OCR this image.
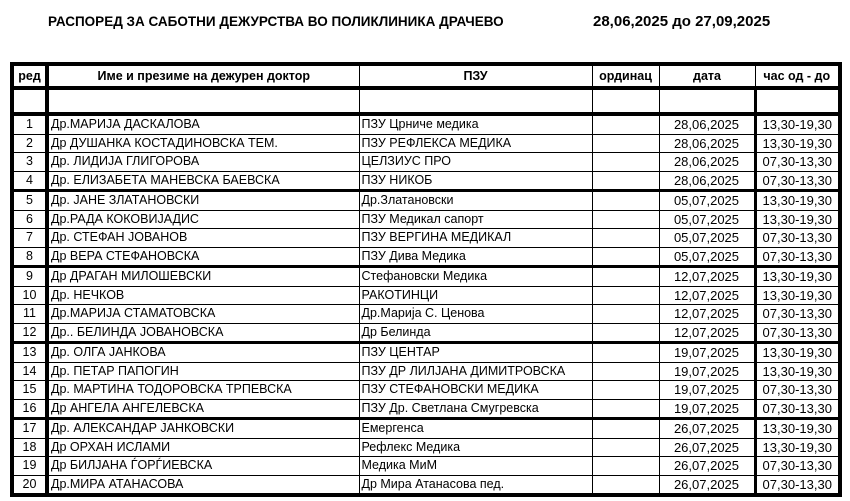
РАСПОРЕД ЗА САБОТНИ ДЕЖУРСТВА ВО ПОЛИКЛИНИКА ДРАЧЕВО	28,06,2025 до 27,09,2025
ред	Име и презиме на дежурен доктор	ПЗУ	ординац	дата	час од - до

1	Др.МАРИЈА ДАСКАЛОВА	ПЗУ Црниче медика		28,06,2025	13,30-19,30
2	Др ДУШАНКА КОСТАДИНОВСКА ТЕМ.	ПЗУ РЕФЛЕКСА МЕДИКА		28,06,2025	13,30-19,30
3	Др. ЛИДИЈА ГЛИГОРОВА	ЦЕЛЗИУС ПРО		28,06,2025	07,30-13,30
4	Др. ЕЛИЗАБЕТА МАНЕВСКА БАЕВСКА	ПЗУ НИКОБ		28,06,2025	07,30-13,30
5	Др. ЈАНЕ ЗЛАТАНОВСКИ	Др.Златановски		05,07,2025	13,30-19,30
6	Др.РАДА КОКОВИЈАДИС	ПЗУ Медикал сапорт		05,07,2025	13,30-19,30
7	Др. СТЕФАН ЈОВАНОВ	ПЗУ ВЕРГИНА МЕДИКАЛ		05,07,2025	07,30-13,30
8	Др ВЕРА СТЕФАНОВСКА	ПЗУ Дива Медика		05,07,2025	07,30-13,30
9	Др ДРАГАН МИЛОШЕВСКИ	Стефановски Медика		12,07,2025	13,30-19,30
10	Др. НЕЧКОВ	РАКОТИНЦИ		12,07,2025	13,30-19,30
11	Др.МАРИЈА СТАМАТОВСКА	Др.Марија С. Ценова		12,07,2025	07,30-13,30
12	Др.. БЕЛИНДА ЈОВАНОВСКА	Др Белинда		12,07,2025	07,30-13,30
13	Др. ОЛГА ЈАНКОВА	ПЗУ ЦЕНТАР		19,07,2025	13,30-19,30
14	Др. ПЕТАР ПАПОГИН	ПЗУ ДР ЛИЛЈАНА ДИМИТРОВСКА		19,07,2025	13,30-19,30
15	Др. МАРТИНА ТОДОРОВСКА ТРПЕВСКА	ПЗУ СТЕФАНОВСКИ МЕДИКА		19,07,2025	07,30-13,30
16	Др АНГЕЛА АНГЕЛЕВСКА	ПЗУ Др. Светлана Смугревска		19,07,2025	07,30-13,30
17	Др. АЛЕКСАНДАР ЈАНКОВСКИ	Емергенса		26,07,2025	13,30-19,30
18	Др ОРХАН ИСЛАМИ	Рефлекс Медика		26,07,2025	13,30-19,30
19	Др БИЛЈАНА ЃОРЃИЕВСКА	Медика МиМ		26,07,2025	07,30-13,30
20	Др.МИРА АТАНАСОВА	Др Мира Атанасова пед.		26,07,2025	07,30-13,30
